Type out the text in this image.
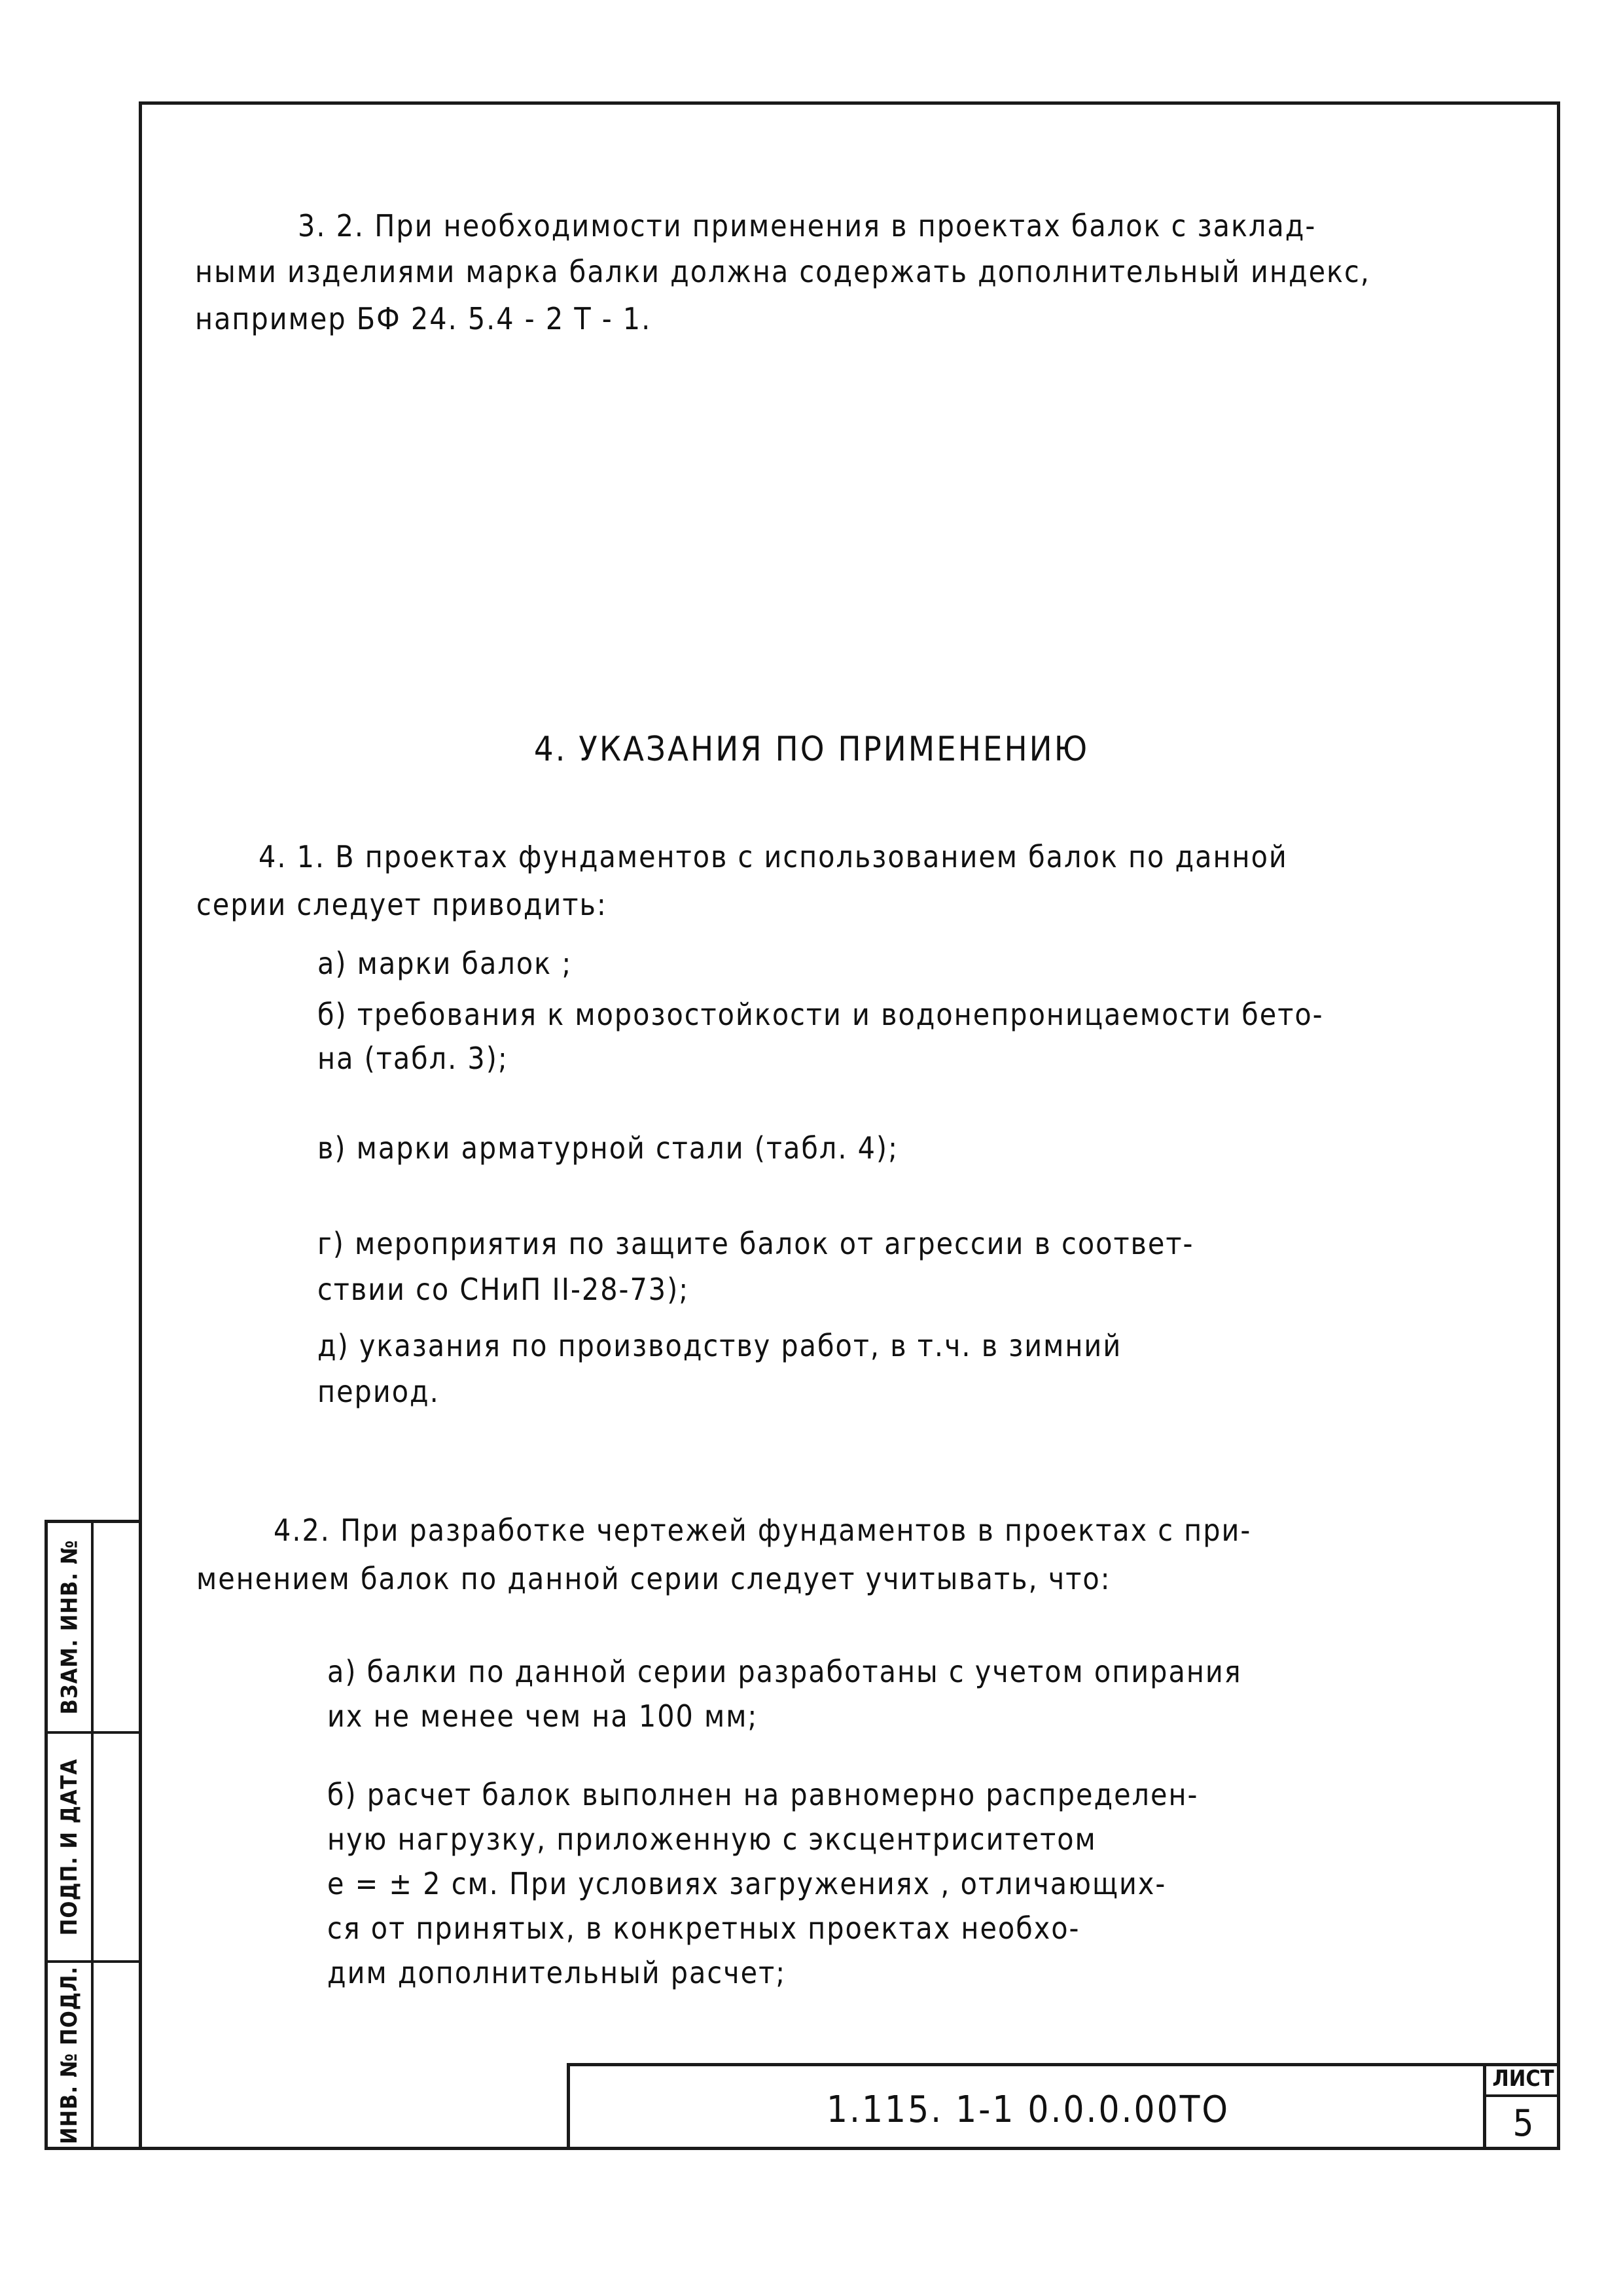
ВЗАМ. ИНВ. №
ПОДП. И ДАТА
ИНВ. № ПОДЛ.
3. 2. При необходимости применения в проектах балок с заклад-
ными изделиями марка балки должна содержать дополнительный индекс,
например БФ 24. 5.4 - 2 Т - 1.
4. УКАЗАНИЯ ПО ПРИМЕНЕНИЮ
4. 1. В проектах фундаментов с использованием балок по данной
серии следует приводить:
а) марки балок ;
б) требования к морозостойкости и водонепроницаемости бето-
на (табл. 3);
в) марки арматурной стали (табл. 4);
г) мероприятия по защите балок от агрессии в соответ-
ствии со СНиП II-28-73);
д) указания по производству работ, в т.ч. в зимний
период.
4.2. При разработке чертежей фундаментов в проектах с при-
менением балок по данной серии следует учитывать, что:
а) балки по данной серии разработаны с учетом опирания
их не менее чем на 100 мм;
б) расчет балок выполнен на равномерно распределен-
ную нагрузку, приложенную с эксцентриситетом
е = ± 2 см. При условиях загружениях , отличающих-
ся от принятых, в конкретных проектах необхо-
дим дополнительный расчет;
1.115. 1-1 0.0.0.00ТО
ЛИСТ
5
